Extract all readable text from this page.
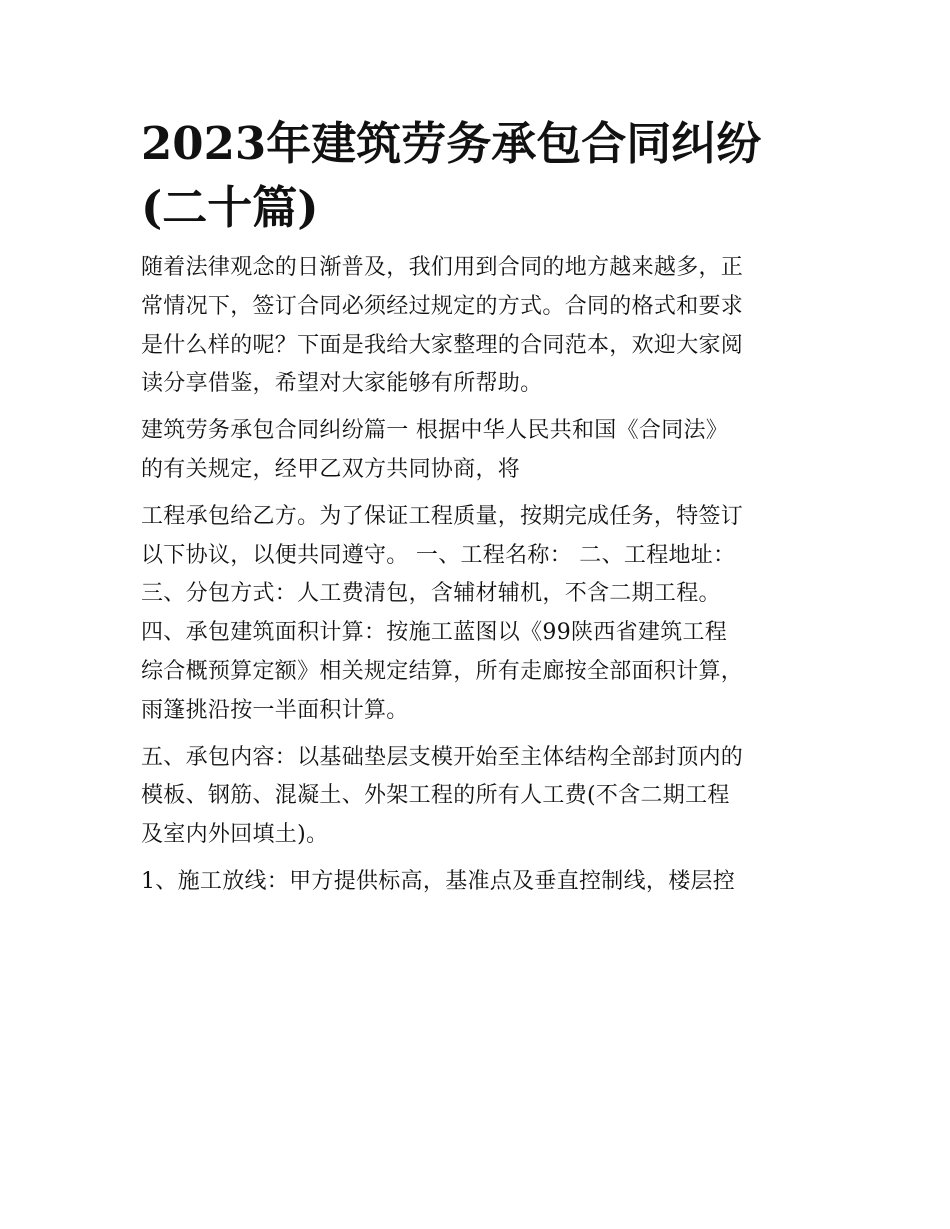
2023年建筑劳务承包合同纠纷
(二十篇)

随着法律观念的日渐普及，我们用到合同的地方越来越多，正
常情况下，签订合同必须经过规定的方式。合同的格式和要求
是什么样的呢？下面是我给大家整理的合同范本，欢迎大家阅
读分享借鉴，希望对大家能够有所帮助。

建筑劳务承包合同纠纷篇一 根据中华人民共和国《合同法》
的有关规定，经甲乙双方共同协商，将

工程承包给乙方。为了保证工程质量，按期完成任务，特签订
以下协议，以便共同遵守。 一、工程名称： 二、工程地址：
三、分包方式：人工费清包，含辅材辅机，不含二期工程。
四、承包建筑面积计算：按施工蓝图以《99陕西省建筑工程
综合概预算定额》相关规定结算，所有走廊按全部面积计算，
雨篷挑沿按一半面积计算。

五、承包内容：以基础垫层支模开始至主体结构全部封顶内的
模板、钢筋、混凝土、外架工程的所有人工费(不含二期工程
及室内外回填土)。

1、施工放线：甲方提供标高，基准点及垂直控制线，楼层控
